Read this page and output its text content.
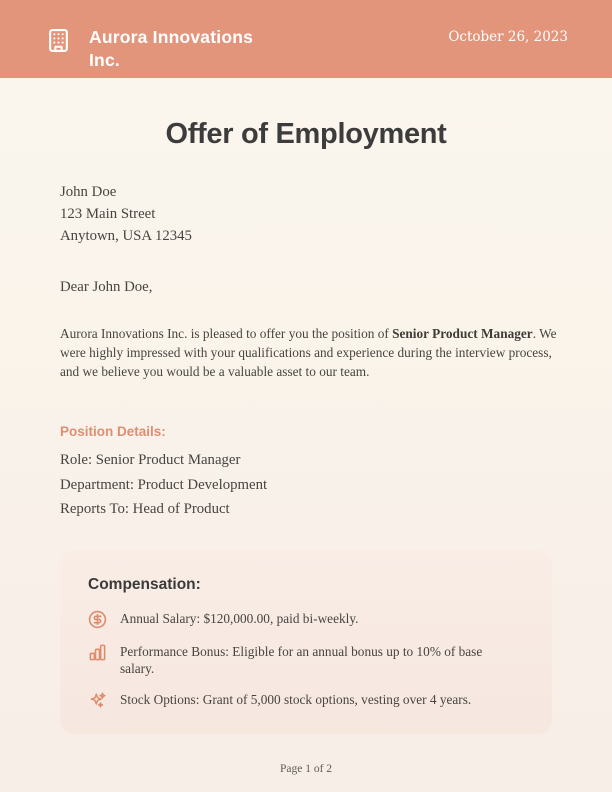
Aurora Innovations Inc.
October 26, 2023
Offer of Employment
John Doe
123 Main Street
Anytown, USA 12345
Dear John Doe,

Aurora Innovations Inc. is pleased to offer you the position of Senior Product Manager. We were highly impressed with your qualifications and experience during the interview process, and we believe you would be a valuable asset to our team.

Position Details:
Role: Senior Product Manager
Department: Product Development
Reports To: Head of Product
Compensation:
Annual Salary: $120,000.00, paid bi-weekly.
Performance Bonus: Eligible for an annual bonus up to 10% of base salary.
Stock Options: Grant of 5,000 stock options, vesting over 4 years.
Page 1 of 2
